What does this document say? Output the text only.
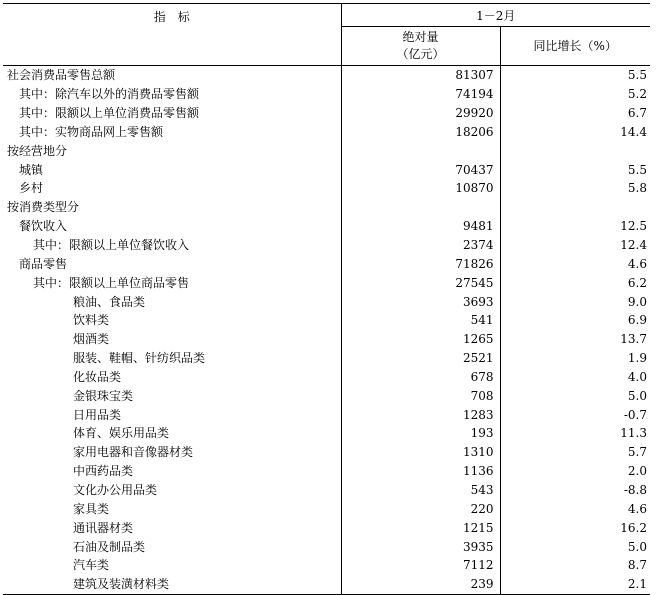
指　标	1－2月	

	绝对量
（亿元）	同比增长（%）
社会消费品零售总额	81307	5.5
其中：除汽车以外的消费品零售额	74194	5.2
其中：限额以上单位消费品零售额	29920	6.7
其中：实物商品网上零售额	18206	14.4
按经营地分		
城镇	70437	5.5
乡村	10870	5.8
按消费类型分		
餐饮收入	9481	12.5
其中：限额以上单位餐饮收入	2374	12.4
商品零售	71826	4.6
其中：限额以上单位商品零售	27545	6.2
粮油、食品类	3693	9.0
饮料类	541	6.9
烟酒类	1265	13.7
服装、鞋帽、针纺织品类	2521	1.9
化妆品类	678	4.0
金银珠宝类	708	5.0
日用品类	1283	-0.7
体育、娱乐用品类	193	11.3
家用电器和音像器材类	1310	5.7
中西药品类	1136	2.0
文化办公用品类	543	-8.8
家具类	220	4.6
通讯器材类	1215	16.2
石油及制品类	3935	5.0
汽车类	7112	8.7
建筑及装潢材料类	239	2.1
